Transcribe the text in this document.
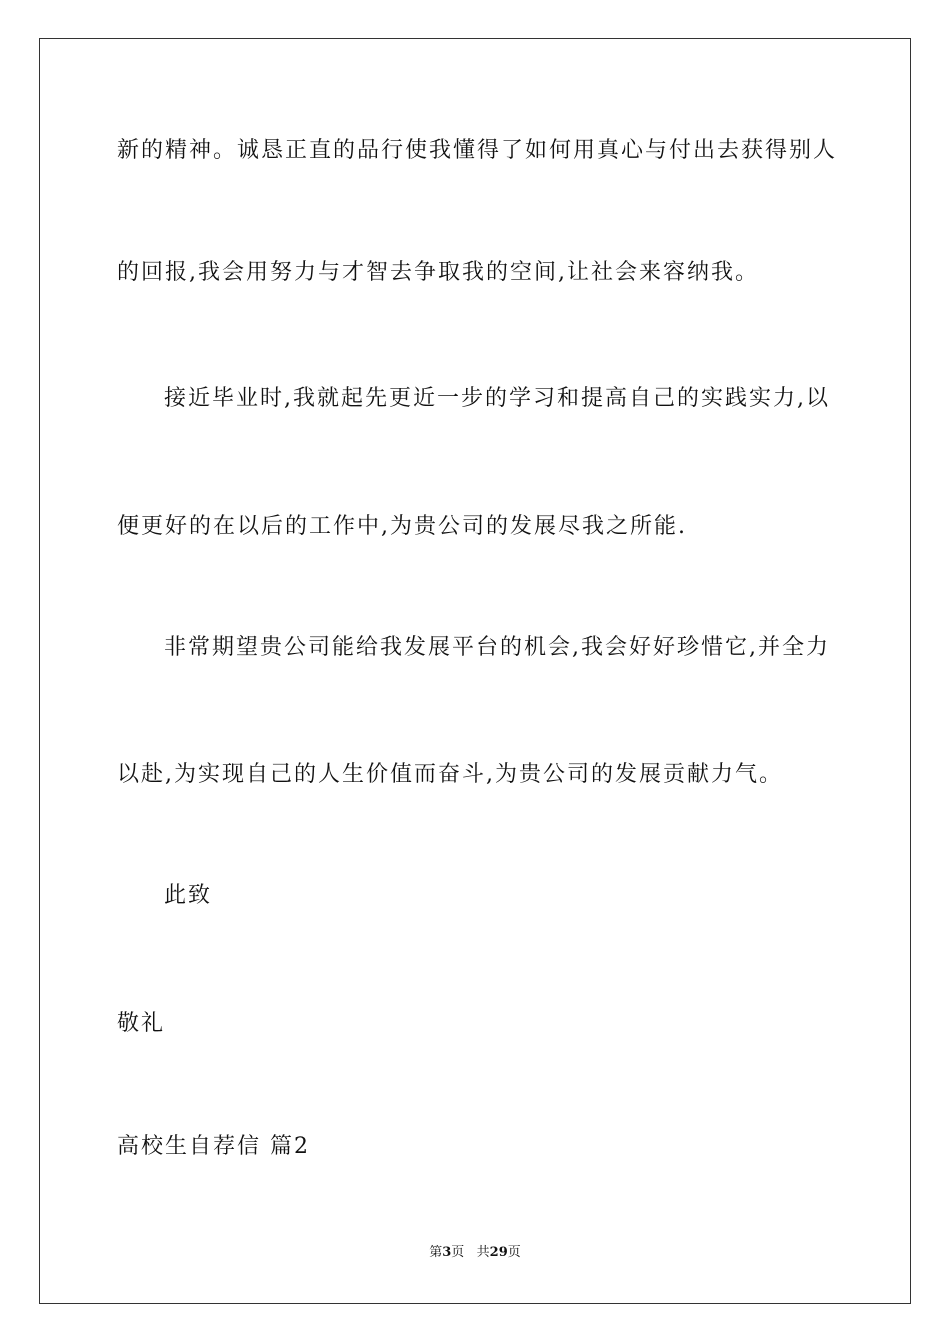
新的精神。诚恳正直的品行使我懂得了如何用真心与付出去获得别人
的回报,我会用努力与才智去争取我的空间,让社会来容纳我。
接近毕业时,我就起先更近一步的学习和提高自己的实践实力,以
便更好的在以后的工作中,为贵公司的发展尽我之所能.
非常期望贵公司能给我发展平台的机会,我会好好珍惜它,并全力
以赴,为实现自己的人生价值而奋斗,为贵公司的发展贡献力气。
此致
敬礼
高校生自荐信 篇2
第3页   共29页
